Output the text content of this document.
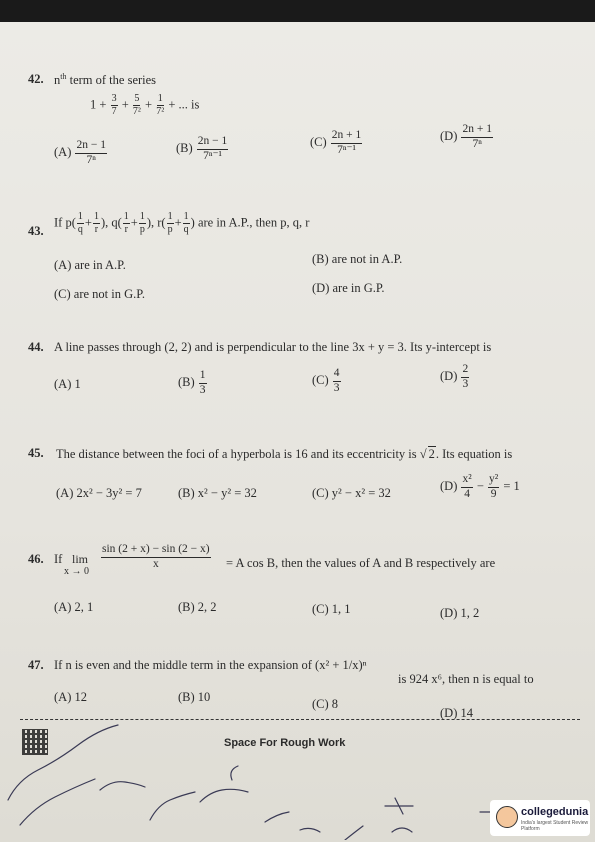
42. $n^{th}$ term of the series
$1 + \frac{3}{7} + \frac{5}{\text{7²}} + \frac{1}{\text{7²}}$ + ... is
$(A) \frac{2n - 1}{\text{7ⁿ}}$	$(B) \frac{2n - 1}{\text{7ⁿ⁻¹}}$	$(C) \frac{2n + 1}{\text{7ⁿ⁻¹}}$	$(D) \frac{2n + 1}{\text{7ⁿ}}$
43.
If $p( \frac{1}{q} + \frac{1}{r}$ ), $q( \frac{1}{r} + \frac{1}{p}$ ), $r( \frac{1}{p} + \frac{1}{q}$ ) are in A.P., then p, q, r
(A) are in A.P.	(B) are not in A.P.
(C) are not in G.P.	(D) are in G.P.
44. A line passes through (2, 2) and is perpendicular to the line 3x + y = 3. Its y-intercept is
(A) 1	$(B) \frac{1}{3}$	$(C) \frac{4}{3}$	$(D) \frac{2}{3}$
45. The distance between the foci of a hyperbola is 16 and its eccentricity is √ 2. Its equation is
(A) 2x² − 3y² = 7	(B) x² − y² = 32	(C) y² − x² = 32
$(D) \frac{\text{x²}}{4} - \frac{\text{y²}}{9} = 1$
46. If lim
x → 0
$\frac{\sin (2 + x) - \sin (2 - x)}{x} = A$ cos B, then the values of A and B respectively are
(A) 2, 1	(B) 2, 2	(C) 1, 1	(D) 1, 2
47. If n is even and the middle term in the expansion of (x² + 1/x)ⁿ
is 924 x⁶, then n is equal to
(A) 12	(B) 10	(C) 8
(D) 14
Space For Rough Work
collegedunia
India's largest Student Review Platform
